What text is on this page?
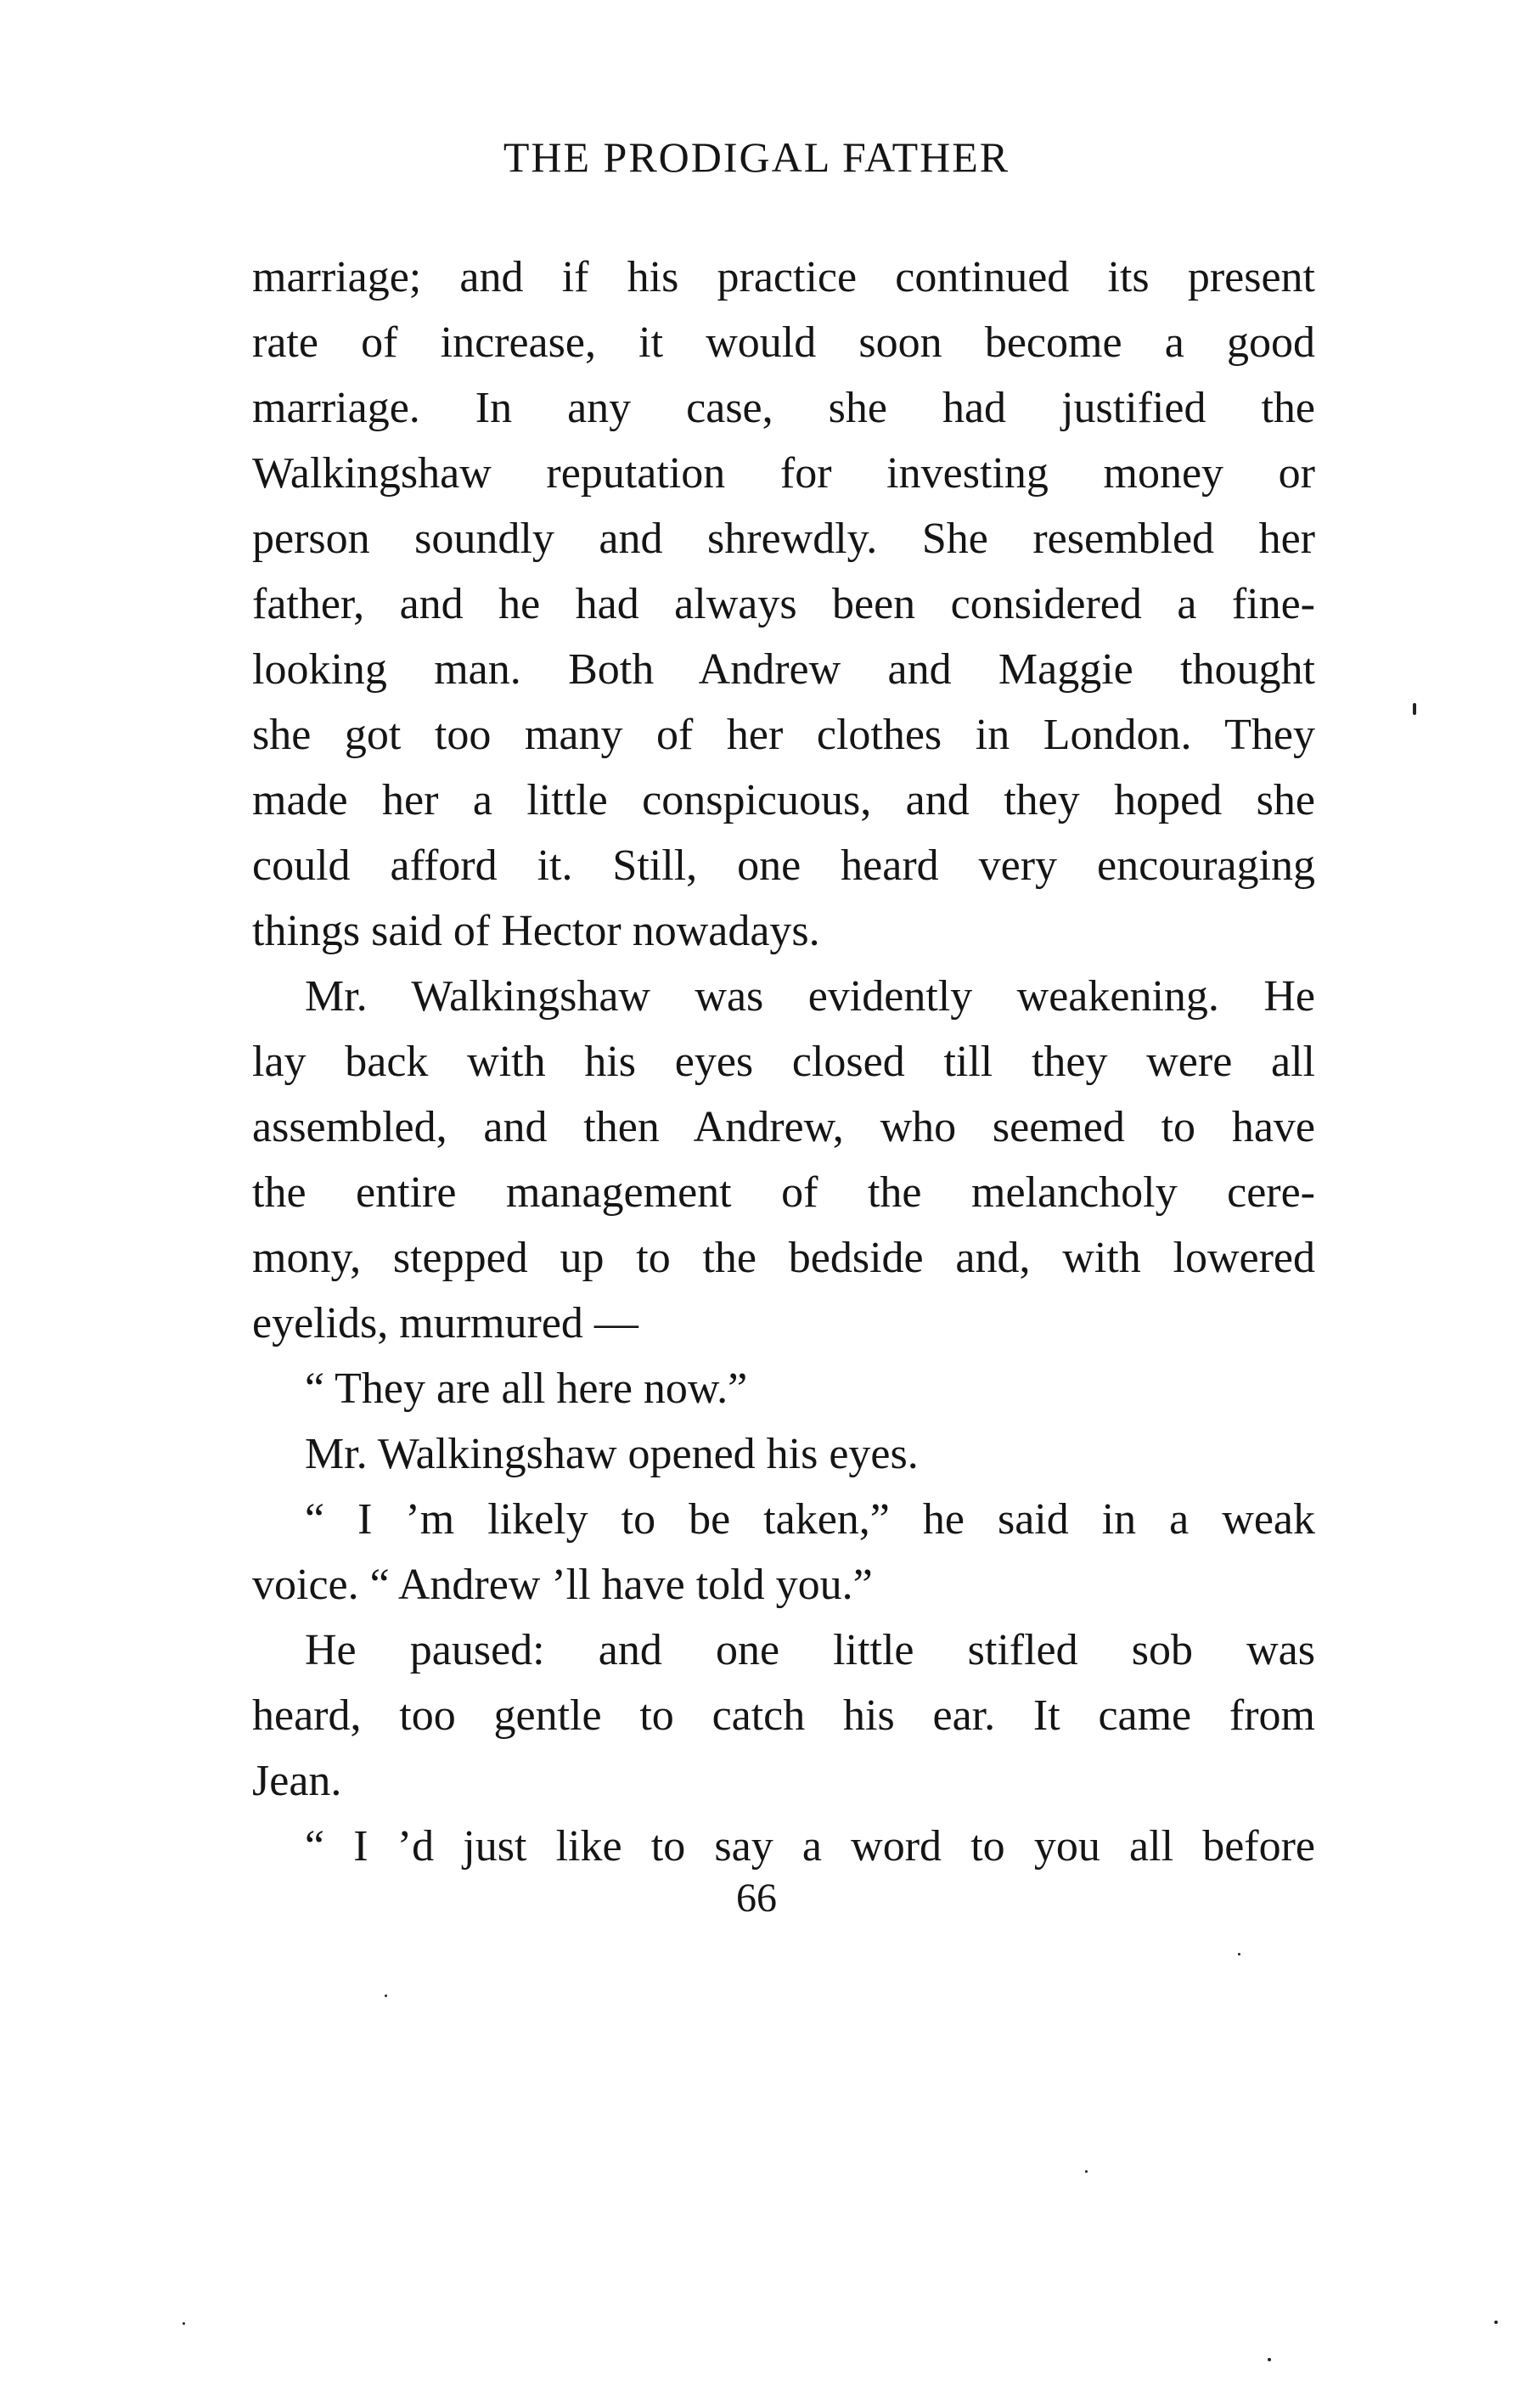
THE PRODIGAL FATHER
marriage; and if his practice continued its present
rate of increase, it would soon become a good
marriage. In any case, she had justified the
Walkingshaw reputation for investing money or
person soundly and shrewdly. She resembled her
father, and he had always been considered a fine-
looking man. Both Andrew and Maggie thought
she got too many of her clothes in London. They
made her a little conspicuous, and they hoped she
could afford it. Still, one heard very encouraging
things said of Hector nowadays.
Mr. Walkingshaw was evidently weakening. He
lay back with his eyes closed till they were all
assembled, and then Andrew, who seemed to have
the entire management of the melancholy cere-
mony, stepped up to the bedside and, with lowered
eyelids, murmured —
“ They are all here now.”
Mr. Walkingshaw opened his eyes.
“ I ’m likely to be taken,” he said in a weak
voice. “ Andrew ’ll have told you.”
He paused: and one little stifled sob was
heard, too gentle to catch his ear. It came from
Jean.
“ I ’d just like to say a word to you all before
66
